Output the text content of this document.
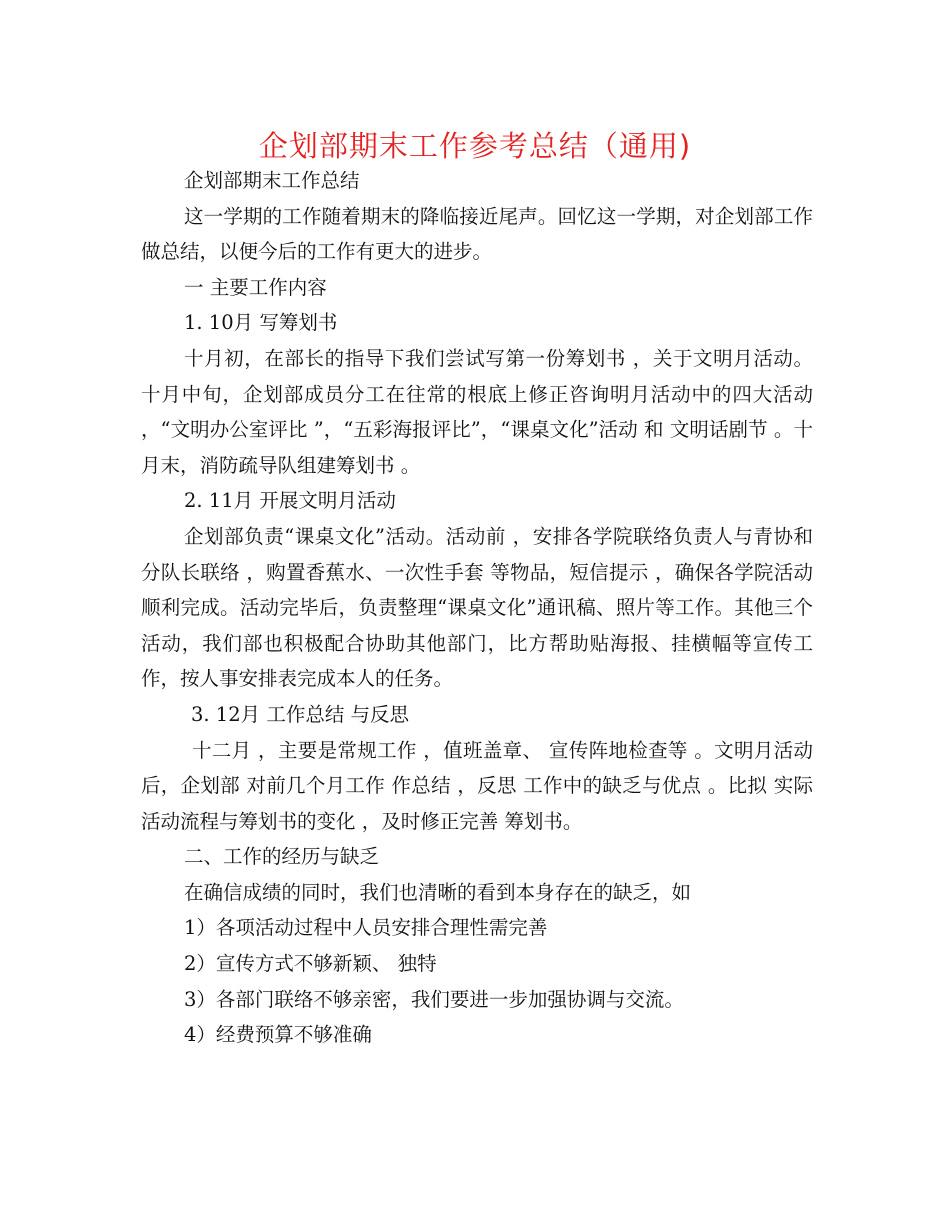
企划部期末工作参考总结（通用)

企划部期末工作总结

这一学期的工作随着期末的降临接近尾声。回忆这一学期，对企划部工作做总结，以便今后的工作有更大的进步。

一 主要工作内容

1. 10月 写筹划书

十月初，在部长的指导下我们尝试写第一份筹划书 ，关于文明月活动。 十月中旬，企划部成员分工在往常的根底上修正咨询明月活动中的四大活动 ，“文明办公室评比 ”，“五彩海报评比”，“课桌文化”活动 和 文明话剧节 。十月末，消防疏导队组建筹划书 。

2. 11月 开展文明月活动

企划部负责“课桌文化”活动。活动前 ，安排各学院联络负责人与青协和分队长联络 ，购置香蕉水、一次性手套 等物品，短信提示 ，确保各学院活动顺利完成。活动完毕后，负责整理“课桌文化”通讯稿、照片等工作。其他三个活动，我们部也积极配合协助其他部门，比方帮助贴海报、挂横幅等宣传工作，按人事安排表完成本人的任务。

3. 12月 工作总结 与反思

十二月 ，主要是常规工作 ，值班盖章、 宣传阵地检查等 。文明月活动后，企划部 对前几个月工作 作总结 ，反思 工作中的缺乏与优点 。比拟 实际活动流程与筹划书的变化 ，及时修正完善 筹划书。

二、工作的经历与缺乏

在确信成绩的同时，我们也清晰的看到本身存在的缺乏，如

1）各项活动过程中人员安排合理性需完善

2）宣传方式不够新颖、 独特

3）各部门联络不够亲密，我们要进一步加强协调与交流。

4）经费预算不够准确
